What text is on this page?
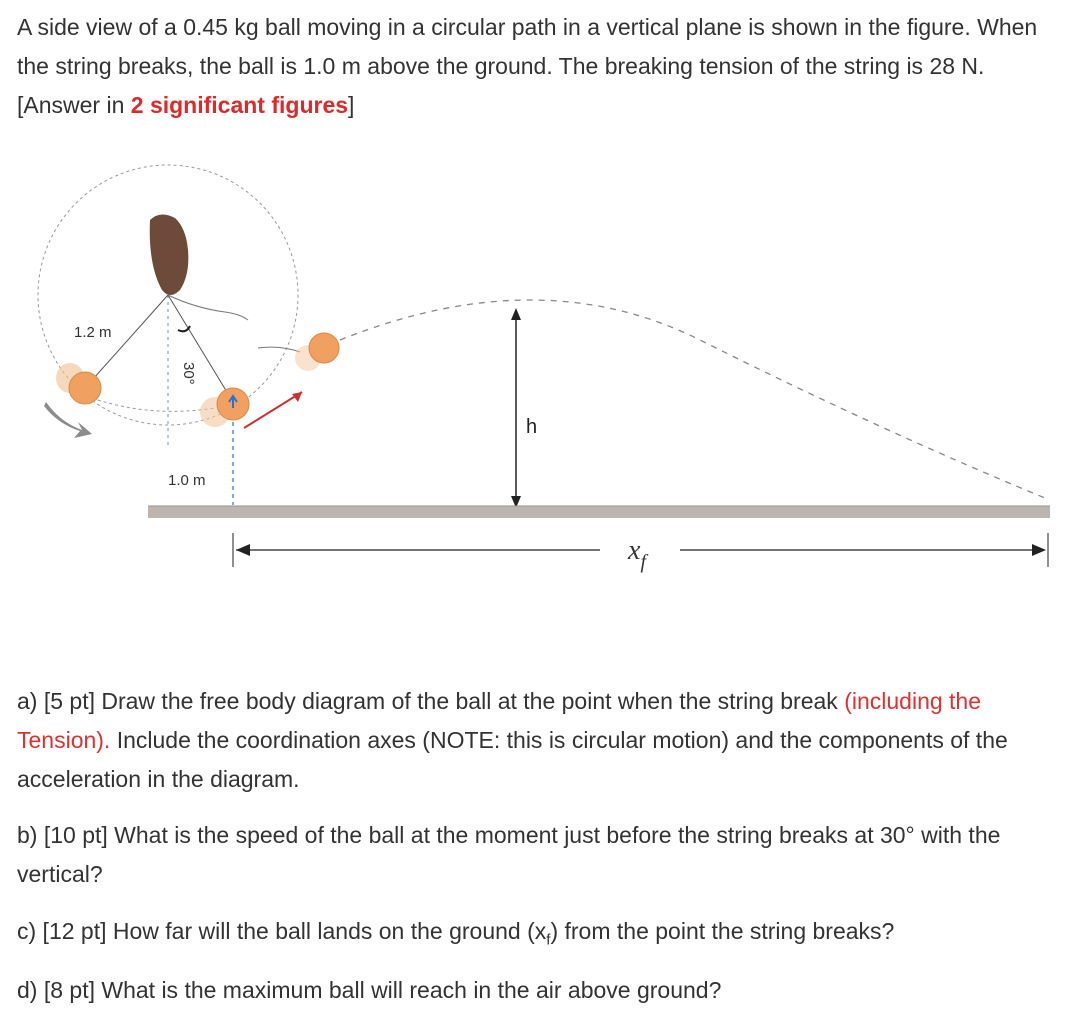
A side view of a 0.45 kg ball moving in a circular path in a vertical plane is shown in the figure. When the string breaks, the ball is 1.0 m above the ground. The breaking tension of the string is 28 N. [Answer in 2 significant figures]

1.2 m
30°
1.0 m
h
$x_f$

a) [5 pt] Draw the free body diagram of the ball at the point when the string break (including the Tension). Include the coordination axes (NOTE: this is circular motion) and the components of the acceleration in the diagram.

b) [10 pt] What is the speed of the ball at the moment just before the string breaks at 30° with the vertical?

c) [12 pt] How far will the ball lands on the ground $(x_f)$ from the point the string breaks?

d) [8 pt] What is the maximum ball will reach in the air above ground?
